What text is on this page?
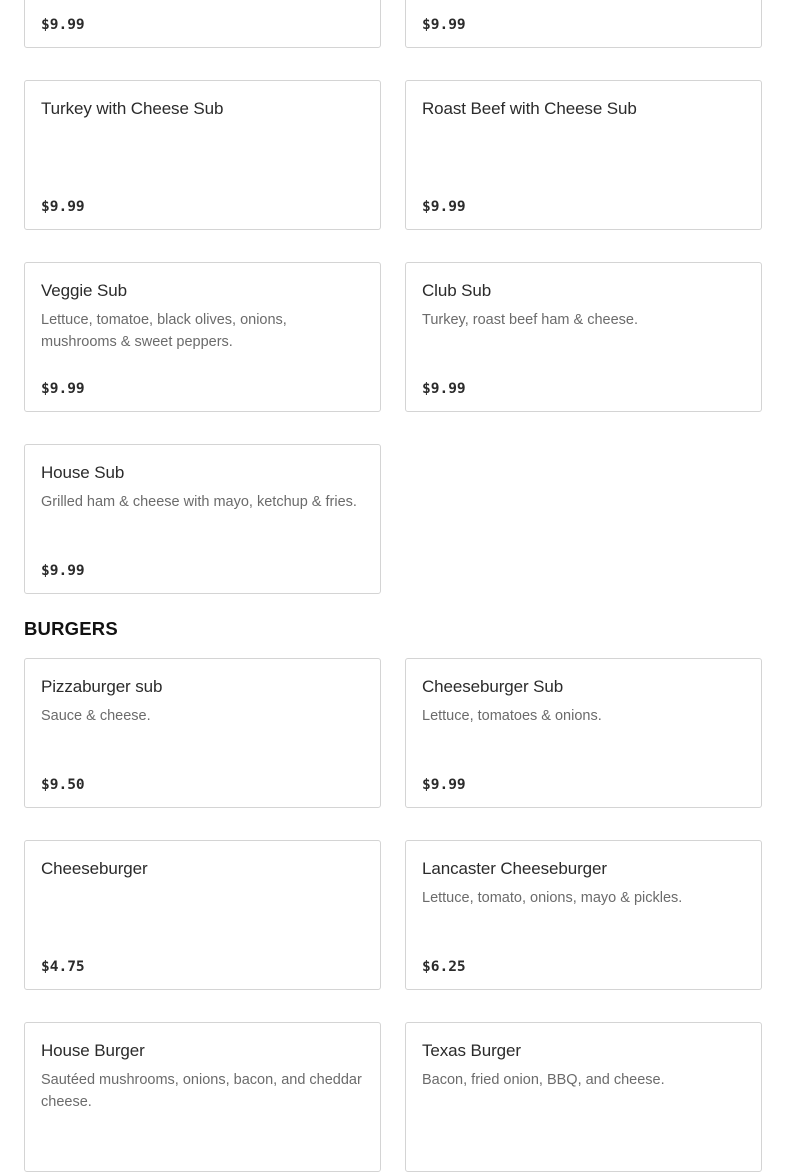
$9.99	$9.99
Turkey with Cheese Sub
$9.99
Roast Beef with Cheese Sub
$9.99
Veggie Sub
Lettuce, tomatoe, black olives, onions, mushrooms & sweet peppers.
$9.99
Club Sub
Turkey, roast beef ham & cheese.
$9.99
House Sub
Grilled ham & cheese with mayo, ketchup & fries.
$9.99
BURGERS
Pizzaburger sub
Sauce & cheese.
$9.50
Cheeseburger Sub
Lettuce, tomatoes & onions.
$9.99
Cheeseburger
$4.75
Lancaster Cheeseburger
Lettuce, tomato, onions, mayo & pickles.
$6.25
House Burger
Sautéed mushrooms, onions, bacon, and cheddar cheese.
Texas Burger
Bacon, fried onion, BBQ, and cheese.
